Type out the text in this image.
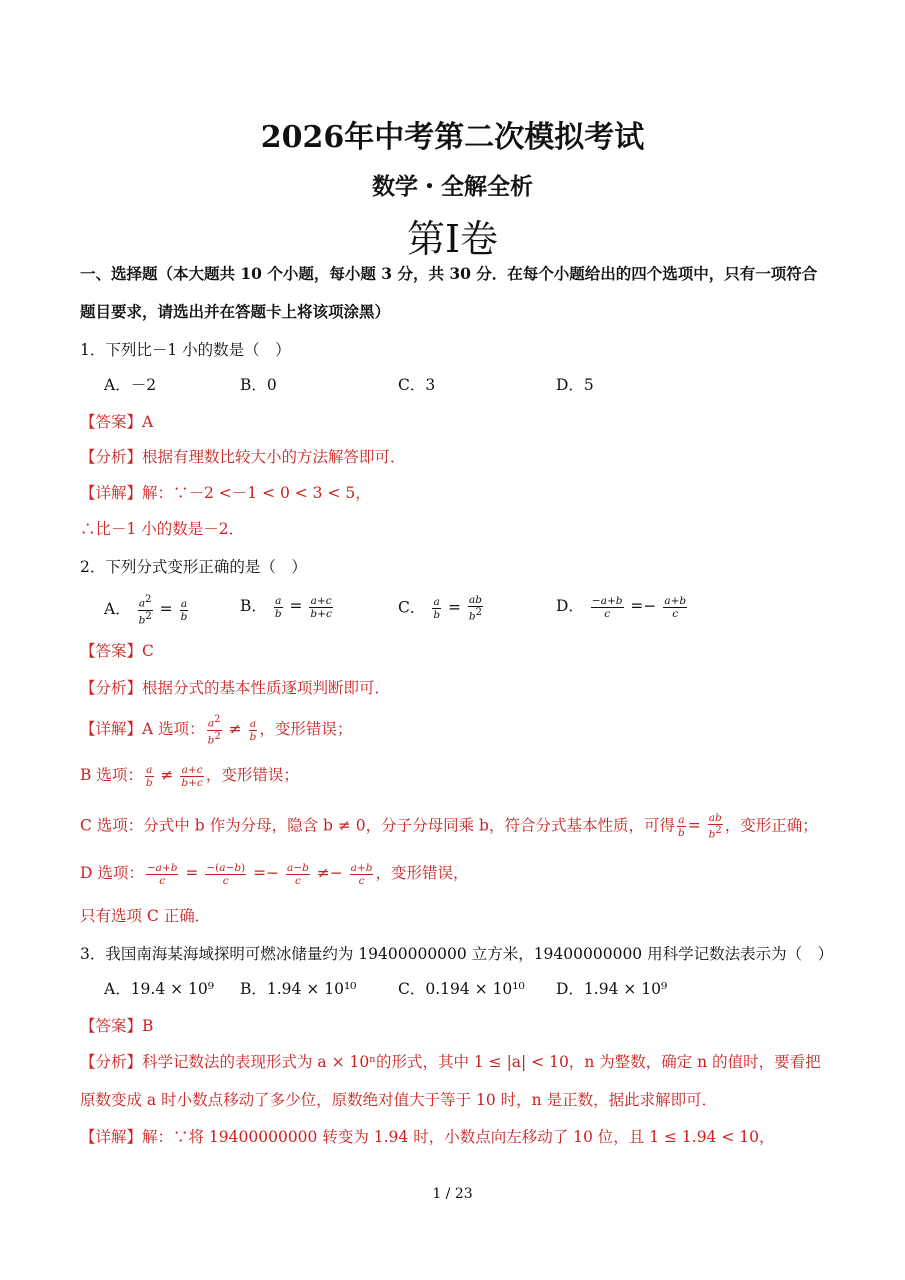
2026年中考第二次模拟考试
数学・全解全析
第Ⅰ卷
一、选择题（本大题共 10 个小题，每小题 3 分，共 30 分．在每个小题给出的四个选项中，只有一项符合
题目要求，请选出并在答题卡上将该项涂黑）
1．下列比－1 小的数是（　）
A．－2	B．0	C．3	D．5
【答案】A
【分析】根据有理数比较大小的方法解答即可．
【详解】解：∵－2 <－1 < 0 < 3 < 5，
∴比－1 小的数是－2．
2．下列分式变形正确的是（　）
A． $\frac{a^2}{b^2} = \frac{a}{b}$	B． $\frac{a}{b} = \frac{a+c}{b+c}$	C． $\frac{a}{b} = \frac{ab}{b^2}$	D． $\frac{-a+b}{c} =- \frac{a+b}{c}$
【答案】C
【分析】根据分式的基本性质逐项判断即可．
【详解】A 选项： $\frac{a^2}{b^2} \ne \frac{a}{b}$ ，变形错误；
B 选项： $\frac{a}{b} \ne \frac{a+c}{b+c}$ ，变形错误；
C 选项：分式中 b 作为分母，隐含 b ≠ 0，分子分母同乘 b，符合分式基本性质，可得 $\frac{a}{b} = \frac{ab}{b^2}$ ，变形正确；
D 选项： $\frac{-a+b}{c} = \frac{-(a-b)}{c} =- \frac{a-b}{c} \ne- \frac{a+b}{c}$ ，变形错误，
只有选项 C 正确．
3．我国南海某海域探明可燃冰储量约为 19400000000 立方米，19400000000 用科学记数法表示为（　）
A．19.4 × 10⁹ B．1.94 × 10¹⁰	C．0.194 × 10¹⁰ D．1.94 × 10⁹
【答案】B
【分析】科学记数法的表现形式为 a × 10ⁿ的形式，其中 1 ≤ |a| < 10，n 为整数，确定 n 的值时，要看把
原数变成 a 时小数点移动了多少位，原数绝对值大于等于 10 时，n 是正数，据此求解即可．
【详解】解：∵将 19400000000 转变为 1.94 时，小数点向左移动了 10 位，且 1 ≤ 1.94 < 10，
1 / 23
